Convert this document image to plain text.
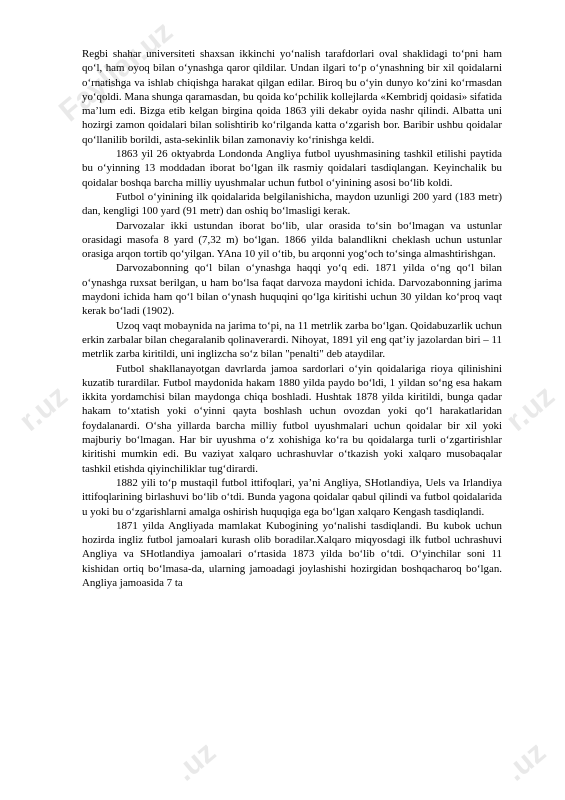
Fayllar.uz
r.uz
.uz	.uz
r.uz

Regbi shahar universiteti shaxsan ikkinchi yo‘nalish tarafdorlari oval shaklidagi to‘pni ham qo‘l, ham oyoq bilan o‘ynashga qaror qildilar. Undan ilgari to‘p o‘ynashning bir xil qoidalarni o‘rnatishga va ishlab chiqishga harakat qilgan edilar. Biroq bu o‘yin dunyo ko‘zini ko‘rmasdan yo‘qoldi. Mana shunga qaramasdan, bu qoida ko‘pchilik kollejlarda «Kembridj qoidasi» sifatida ma’lum edi. Bizga etib kelgan birgina qoida 1863 yili dekabr oyida nashr qilindi. Albatta uni hozirgi zamon qoidalari bilan solishtirib ko‘rilganda katta o‘zgarish bor. Baribir ushbu qoidalar qo‘llanilib borildi, asta-sekinlik bilan zamonaviy ko‘rinishga keldi.

1863 yil 26 oktyabrda Londonda Angliya futbol uyushmasining tashkil etilishi paytida bu o‘yinning 13 moddadan iborat bo‘lgan ilk rasmiy qoidalari tasdiqlangan. Keyinchalik bu qoidalar boshqa barcha milliy uyushmalar uchun futbol o‘yinining asosi bo‘lib koldi.

Futbol o‘yinining ilk qoidalarida belgilanishicha, maydon uzunligi 200 yard (183 metr) dan, kengligi 100 yard (91 metr) dan oshiq bo‘lmasligi kerak.

Darvozalar ikki ustundan iborat bo‘lib, ular orasida to‘sin bo‘lmagan va ustunlar orasidagi masofa 8 yard (7,32 m) bo‘lgan. 1866 yilda balandlikni cheklash uchun ustunlar orasiga arqon tortib qo‘yilgan. YAna 10 yil o‘tib, bu arqonni yog‘och to‘singa almashtirishgan.

Darvozabonning qo‘l bilan o‘ynashga haqqi yo‘q edi. 1871 yilda o‘ng qo‘l bilan o‘ynashga ruxsat berilgan, u ham bo‘lsa faqat darvoza maydoni ichida. Darvozabonning jarima maydoni ichida ham qo‘l bilan o‘ynash huquqini qo‘lga kiritishi uchun 30 yildan ko‘proq vaqt kerak bo‘ladi (1902).

Uzoq vaqt mobaynida na jarima to‘pi, na 11 metrlik zarba bo‘lgan. Qoidabuzarlik uchun erkin zarbalar bilan chegaralanib qolinaverardi. Nihoyat, 1891 yil eng qat’iy jazolardan biri – 11 metrlik zarba kiritildi, uni inglizcha so‘z bilan "penalti" deb ataydilar.

Futbol shakllanayotgan davrlarda jamoa sardorlari o‘yin qoidalariga rioya qilinishini kuzatib turardilar. Futbol maydonida hakam 1880 yilda paydo bo‘ldi, 1 yildan so‘ng esa hakam ikkita yordamchisi bilan maydonga chiqa boshladi. Hushtak 1878 yilda kiritildi, bunga qadar hakam to‘xtatish yoki o‘yinni qayta boshlash uchun ovozdan yoki qo‘l harakatlaridan foydalanardi. O‘sha yillarda barcha milliy futbol uyushmalari uchun qoidalar bir xil yoki majburiy bo‘lmagan. Har bir uyushma o‘z xohishiga ko‘ra bu qoidalarga turli o‘zgartirishlar kiritishi mumkin edi. Bu vaziyat xalqaro uchrashuvlar o‘tkazish yoki xalqaro musobaqalar tashkil etishda qiyinchiliklar tug‘dirardi.

1882 yili to‘p mustaqil futbol ittifoqlari, ya’ni Angliya, SHotlandiya, Uels va Irlandiya ittifoqlarining birlashuvi bo‘lib o‘tdi. Bunda yagona qoidalar qabul qilindi va futbol qoidalarida u yoki bu o‘zgarishlarni amalga oshirish huquqiga ega bo‘lgan xalqaro Kengash tasdiqlandi.

1871 yilda Angliyada mamlakat Kubogining yo‘nalishi tasdiqlandi. Bu kubok uchun hozirda ingliz futbol jamoalari kurash olib boradilar.Xalqaro miqyosdagi ilk futbol uchrashuvi Angliya va SHotlandiya jamoalari o‘rtasida 1873 yilda bo‘lib o‘tdi. O‘yinchilar soni 11 kishidan ortiq bo‘lmasa-da, ularning jamoadagi joylashishi hozirgidan boshqacharoq bo‘lgan. Angliya jamoasida 7 ta
